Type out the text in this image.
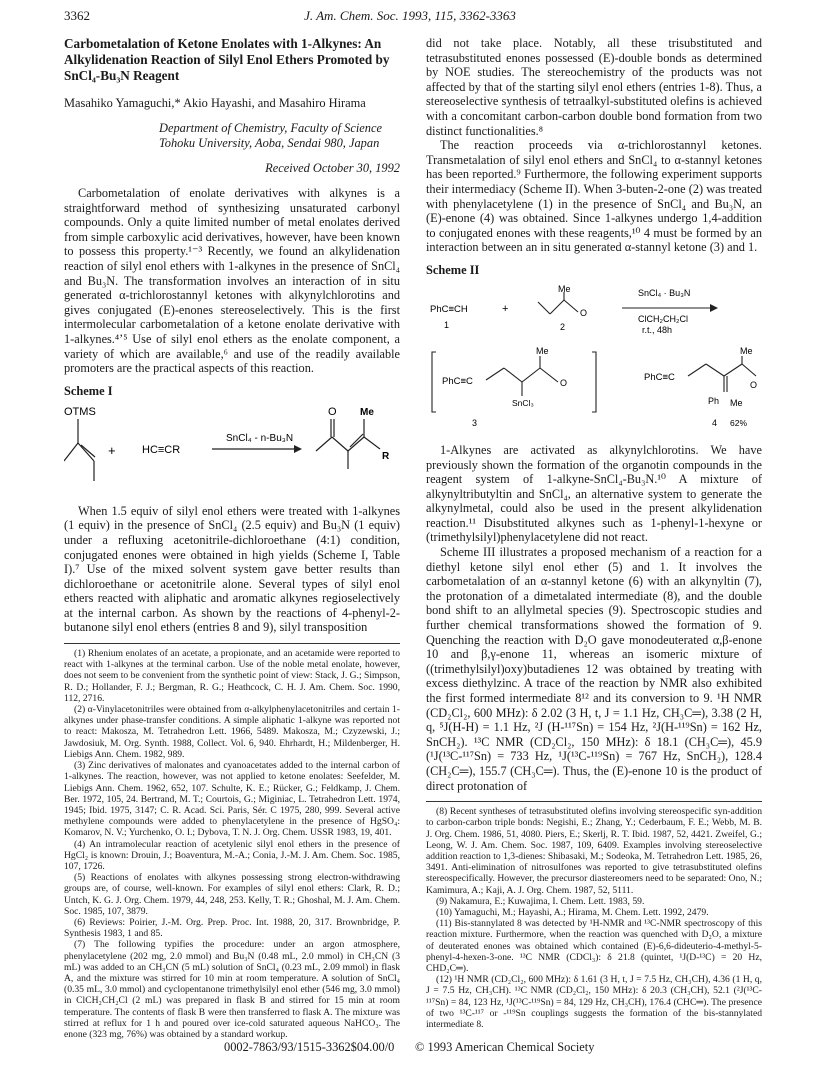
3362	J. Am. Chem. Soc. 1993, 115, 3362-3363
Carbometalation of Ketone Enolates with 1-Alkynes: An Alkylidenation Reaction of Silyl Enol Ethers Promoted by SnCl₄-Bu₃N Reagent
Masahiko Yamaguchi,* Akio Hayashi, and Masahiro Hirama
Department of Chemistry, Faculty of Science
Tohoku University, Aoba, Sendai 980, Japan
Received October 30, 1992

Carbometalation of enolate derivatives with alkynes is a straightforward method of synthesizing unsaturated carbonyl compounds. Only a quite limited number of metal enolates derived from simple carboxylic acid derivatives, however, have been known to possess this property.¹⁻³ Recently, we found an alkylidenation reaction of silyl enol ethers with 1-alkynes in the presence of SnCl₄ and Bu₃N. The transformation involves an interaction of in situ generated α-trichlorostannyl ketones with alkynylchlorotins and gives conjugated (E)-enones stereoselectively. This is the first intermolecular carbometalation of a ketone enolate derivative with 1-alkynes.⁴ʼ⁵ Use of silyl enol ethers as the enolate component, a variety of which are available,⁶ and use of the readily available promoters are the practical aspects of this reaction.

Scheme I
OTMS
+ HC≡CR
SnCl₄ - n-Bu₃N
O Me
R

When 1.5 equiv of silyl enol ethers were treated with 1-alkynes (1 equiv) in the presence of SnCl₄ (2.5 equiv) and Bu₃N (1 equiv) under a refluxing acetonitrile-dichloroethane (4:1) condition, conjugated enones were obtained in high yields (Scheme I, Table I).⁷ Use of the mixed solvent system gave better results than dichloroethane or acetonitrile alone. Several types of silyl enol ethers reacted with aliphatic and aromatic alkynes regioselectively at the internal carbon. As shown by the reactions of 4-phenyl-2-butanone silyl enol ethers (entries 8 and 9), silyl transposition

(1) Rhenium enolates of an acetate, a propionate, and an acetamide were reported to react with 1-alkynes at the terminal carbon. Use of the noble metal enolate, however, does not seem to be convenient from the synthetic point of view: Stack, J. G.; Simpson, R. D.; Hollander, F. J.; Bergman, R. G.; Heathcock, C. H. J. Am. Chem. Soc. 1990, 112, 2716.

(2) α-Vinylacetonitriles were obtained from α-alkylphenylacetonitriles and certain 1-alkynes under phase-transfer conditions. A simple aliphatic 1-alkyne was reported not to react: Makosza, M. Tetrahedron Lett. 1966, 5489. Makosza, M.; Czyzewski, J.; Jawdosiuk, M. Org. Synth. 1988, Collect. Vol. 6, 940. Ehrhardt, H.; Mildenberger, H. Liebigs Ann. Chem. 1982, 989.

(3) Zinc derivatives of malonates and cyanoacetates added to the internal carbon of 1-alkynes. The reaction, however, was not applied to ketone enolates: Seefelder, M. Liebigs Ann. Chem. 1962, 652, 107. Schulte, K. E.; Rücker, G.; Feldkamp, J. Chem. Ber. 1972, 105, 24. Bertrand, M. T.; Courtois, G.; Miginiac, L. Tetrahedron Lett. 1974, 1945; Ibid. 1975, 3147; C. R. Acad. Sci. Paris, Sér. C 1975, 280, 999. Several active methylene compounds were added to phenylacetylene in the presence of HgSO₄: Komarov, N. V.; Yurchenko, O. I.; Dybova, T. N. J. Org. Chem. USSR 1983, 19, 401.

(4) An intramolecular reaction of acetylenic silyl enol ethers in the presence of HgCl₂ is known: Drouin, J.; Boaventura, M.-A.; Conia, J.-M. J. Am. Chem. Soc. 1985, 107, 1726.

(5) Reactions of enolates with alkynes possessing strong electron-withdrawing groups are, of course, well-known. For examples of silyl enol ethers: Clark, R. D.; Untch, K. G. J. Org. Chem. 1979, 44, 248, 253. Kelly, T. R.; Ghoshal, M. J. Am. Chem. Soc. 1985, 107, 3879.

(6) Reviews: Poirier, J.-M. Org. Prep. Proc. Int. 1988, 20, 317. Brownbridge, P. Synthesis 1983, 1 and 85.

(7) The following typifies the procedure: under an argon atmosphere, phenylacetylene (202 mg, 2.0 mmol) and Bu₃N (0.48 mL, 2.0 mmol) in CH₃CN (3 mL) was added to an CH₃CN (5 mL) solution of SnCl₄ (0.23 mL, 2.09 mmol) in flask A, and the mixture was stirred for 10 min at room temperature. A solution of SnCl₄ (0.35 mL, 3.0 mmol) and cyclopentanone trimethylsilyl enol ether (546 mg, 3.0 mmol) in ClCH₂CH₂Cl (2 mL) was prepared in flask B and stirred for 15 min at room temperature. The contents of flask B were then transferred to flask A. The mixture was stirred at reflux for 1 h and poured over ice-cold saturated aqueous NaHCO₃. The enone (323 mg, 76%) was obtained by a standard workup.

did not take place. Notably, all these trisubstituted and tetrasubstituted enones possessed (E)-double bonds as determined by NOE studies. The stereochemistry of the products was not affected by that of the starting silyl enol ethers (entries 1-8). Thus, a stereoselective synthesis of tetraalkyl-substituted olefins is achieved with a concomitant carbon-carbon double bond formation from two distinct functionalities.⁸

The reaction proceeds via α-trichlorostannyl ketones. Transmetalation of silyl enol ethers and SnCl₄ to α-stannyl ketones has been reported.⁹ Furthermore, the following experiment supports their intermediacy (Scheme II). When 3-buten-2-one (2) was treated with phenylacetylene (1) in the presence of SnCl₄ and Bu₃N, an (E)-enone (4) was obtained. Since 1-alkynes undergo 1,4-addition to conjugated enones with these reagents,¹⁰ 4 must be formed by an interaction between an in situ generated α-stannyl ketone (3) and 1.

Scheme II
PhC≡CH
1
+
Me
O
2
SnCl₄ · Bu₃N
ClCH₂CH₂Cl
r.t., 48h
PhC≡C
Me
O
SnCl₃
3
Me
PhC≡C
O
Ph Me
4 62%

1-Alkynes are activated as alkynylchlorotins. We have previously shown the formation of the organotin compounds in the reagent system of 1-alkyne-SnCl₄-Bu₃N.¹⁰ A mixture of alkynyltributyltin and SnCl₄, an alternative system to generate the alkynylmetal, could also be used in the present alkylidenation reaction.¹¹ Disubstituted alkynes such as 1-phenyl-1-hexyne or (trimethylsilyl)phenylacetylene did not react.

Scheme III illustrates a proposed mechanism of a reaction for a diethyl ketone silyl enol ether (5) and 1. It involves the carbometalation of an α-stannyl ketone (6) with an alkynyltin (7), the protonation of a dimetalated intermediate (8), and the double bond shift to an allylmetal species (9). Spectroscopic studies and further chemical transformations showed the formation of 9. Quenching the reaction with D₂O gave monodeuterated α,β-enone 10 and β,γ-enone 11, whereas an isomeric mixture of ((trimethylsilyl)oxy)butadienes 12 was obtained by treating with excess diethylzinc. A trace of the reaction by NMR also exhibited the first formed intermediate 8¹² and its conversion to 9. ¹H NMR (CD₂Cl₂, 600 MHz): δ 2.02 (3 H, t, J = 1.1 Hz, CH₃C═), 3.38 (2 H, q, ⁵J(H-H) = 1.1 Hz, ²J (H-¹¹⁷Sn) = 154 Hz, ²J(H-¹¹⁹Sn) = 162 Hz, SnCH₂). ¹³C NMR (CD₂Cl₂, 150 MHz): δ 18.1 (CH₃C═), 45.9 (¹J(¹³C-¹¹⁷Sn) = 733 Hz, ¹J(¹³C-¹¹⁹Sn) = 767 Hz, SnCH₂), 128.4 (CH₂C═), 155.7 (CH₃C═). Thus, the (E)-enone 10 is the product of direct protonation of

(8) Recent syntheses of tetrasubstituted olefins involving stereospecific syn-addition to carbon-carbon triple bonds: Negishi, E.; Zhang, Y.; Cederbaum, F. E.; Webb, M. B. J. Org. Chem. 1986, 51, 4080. Piers, E.; Skerlj, R. T. Ibid. 1987, 52, 4421. Zweifel, G.; Leong, W. J. Am. Chem. Soc. 1987, 109, 6409. Examples involving stereoselective addition reaction to 1,3-dienes: Shibasaki, M.; Sodeoka, M. Tetrahedron Lett. 1985, 26, 3491. Anti-elimination of nitrosulfones was reported to give tetrasubstituted olefins stereospecifically. However, the precursor diastereomers need to be separated: Ono, N.; Kamimura, A.; Kaji, A. J. Org. Chem. 1987, 52, 5111.

(9) Nakamura, E.; Kuwajima, I. Chem. Lett. 1983, 59.

(10) Yamaguchi, M.; Hayashi, A.; Hirama, M. Chem. Lett. 1992, 2479.

(11) Bis-stannylated 8 was detected by ¹H-NMR and ¹³C-NMR spectroscopy of this reaction mixture. Furthermore, when the reaction was quenched with D₂O, a mixture of deuterated enones was obtained which contained (E)-6,6-dideuterio-4-methyl-5-phenyl-4-hexen-3-one. ¹³C NMR (CDCl₃): δ 21.8 (quintet, ¹J(D-¹³C) = 20 Hz, CHD₂C═).

(12) ¹H NMR (CD₂Cl₂, 600 MHz): δ 1.61 (3 H, t, J = 7.5 Hz, CH₃CH), 4.36 (1 H, q, J = 7.5 Hz, CH₃CH). ¹³C NMR (CD₂Cl₂, 150 MHz): δ 20.3 (CH₃CH), 52.1 (²J(¹³C-¹¹⁷Sn) = 84, 123 Hz, ¹J(¹³C-¹¹⁹Sn) = 84, 129 Hz, CH₃CH), 176.4 (CHC═). The presence of two ¹³C-¹¹⁷ or -¹¹⁹Sn couplings suggests the formation of the bis-stannylated intermediate 8.

0002-7863/93/1515-3362$04.00/0 © 1993 American Chemical Society
